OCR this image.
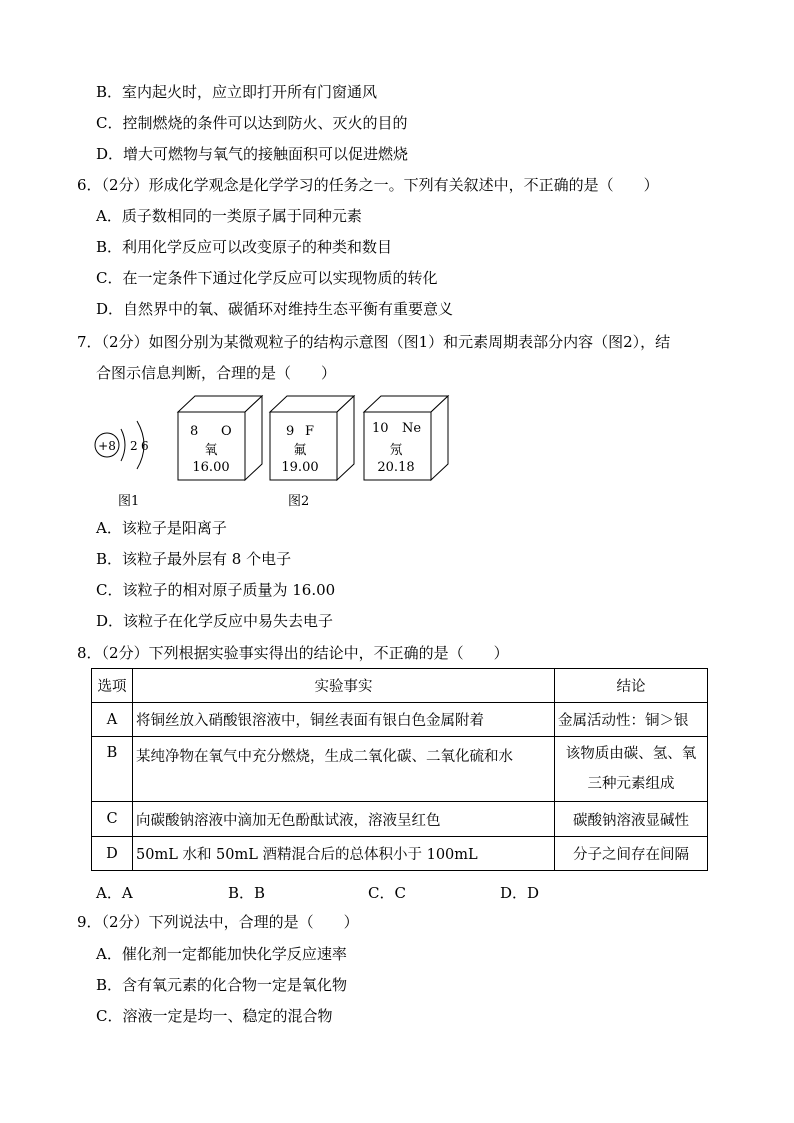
B．室内起火时，应立即打开所有门窗通风
C．控制燃烧的条件可以达到防火、灭火的目的
D．增大可燃物与氧气的接触面积可以促进燃烧
6．（2分）形成化学观念是化学学习的任务之一。下列有关叙述中，不正确的是（　　）
A．质子数相同的一类原子属于同种元素
B．利用化学反应可以改变原子的种类和数目
C．在一定条件下通过化学反应可以实现物质的转化
D．自然界中的氧、碳循环对维持生态平衡有重要意义
7．（2分）如图分别为某微观粒子的结构示意图（图1）和元素周期表部分内容（图2），结
合图示信息判断，合理的是（　　）
+8 2 6
图1
8 O
氧
16.00
9 F
氟
19.00
10 Ne
氖
20.18
图2
A．该粒子是阳离子
B．该粒子最外层有 8 个电子
C．该粒子的相对原子质量为 16.00
D．该粒子在化学反应中易失去电子
8．（2分）下列根据实验事实得出的结论中，不正确的是（　　）
选项	实验事实	结论
A	将铜丝放入硝酸银溶液中，铜丝表面有银白色金属附着	金属活动性：铜＞银
B	某纯净物在氧气中充分燃烧，生成二氧化碳、二氧化硫和水	该物质由碳、氢、氧
三种元素组成

C	向碳酸钠溶液中滴加无色酚酞试液，溶液呈红色	碳酸钠溶液显碱性
D	50mL 水和 50mL 酒精混合后的总体积小于 100mL	分子之间存在间隔
A．A	B．B	C．C	D．D
9．（2分）下列说法中，合理的是（　　）
A．催化剂一定都能加快化学反应速率
B．含有氧元素的化合物一定是氧化物
C．溶液一定是均一、稳定的混合物
